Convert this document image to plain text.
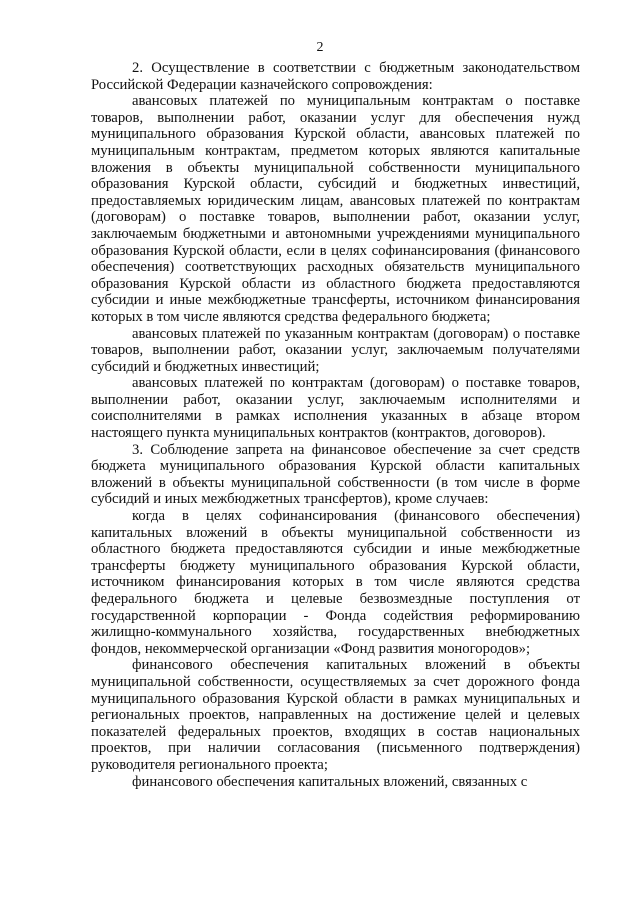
2

2. Осуществление в соответствии с бюджетным законодательством Российской Федерации казначейского сопровождения:

авансовых платежей по муниципальным контрактам о поставке товаров, выполнении работ, оказании услуг для обеспечения нужд муниципального образования Курской области, авансовых платежей по муниципальным контрактам, предметом которых являются капитальные вложения в объекты муниципальной собственности муниципального образования Курской области, субсидий и бюджетных инвестиций, предоставляемых юридическим лицам, авансовых платежей по контрактам (договорам) о поставке товаров, выполнении работ, оказании услуг, заключаемым бюджетными и автономными учреждениями муниципального образования Курской области, если в целях софинансирования (финансового обеспечения) соответствующих расходных обязательств муниципального образования Курской области из областного бюджета предоставляются субсидии и иные межбюджетные трансферты, источником финансирования которых в том числе являются средства федерального бюджета;

авансовых платежей по указанным контрактам (договорам) о поставке товаров, выполнении работ, оказании услуг, заключаемым получателями субсидий и бюджетных инвестиций;

авансовых платежей по контрактам (договорам) о поставке товаров, выполнении работ, оказании услуг, заключаемым исполнителями и соисполнителями в рамках исполнения указанных в абзаце втором настоящего пункта муниципальных контрактов (контрактов, договоров).

3. Соблюдение запрета на финансовое обеспечение за счет средств бюджета муниципального образования Курской области капитальных вложений в объекты муниципальной собственности (в том числе в форме субсидий и иных межбюджетных трансфертов), кроме случаев:

когда в целях софинансирования (финансового обеспечения) капитальных вложений в объекты муниципальной собственности из областного бюджета предоставляются субсидии и иные межбюджетные трансферты бюджету муниципального образования Курской области, источником финансирования которых в том числе являются средства федерального бюджета и целевые безвозмездные поступления от государственной корпорации - Фонда содействия реформированию жилищно-коммунального хозяйства, государственных внебюджетных фондов, некоммерческой организации «Фонд развития моногородов»;

финансового обеспечения капитальных вложений в объекты муниципальной собственности, осуществляемых за счет дорожного фонда муниципального образования Курской области в рамках муниципальных и региональных проектов, направленных на достижение целей и целевых показателей федеральных проектов, входящих в состав национальных проектов, при наличии согласования (письменного подтверждения) руководителя регионального проекта;

финансового обеспечения капитальных вложений, связанных с
